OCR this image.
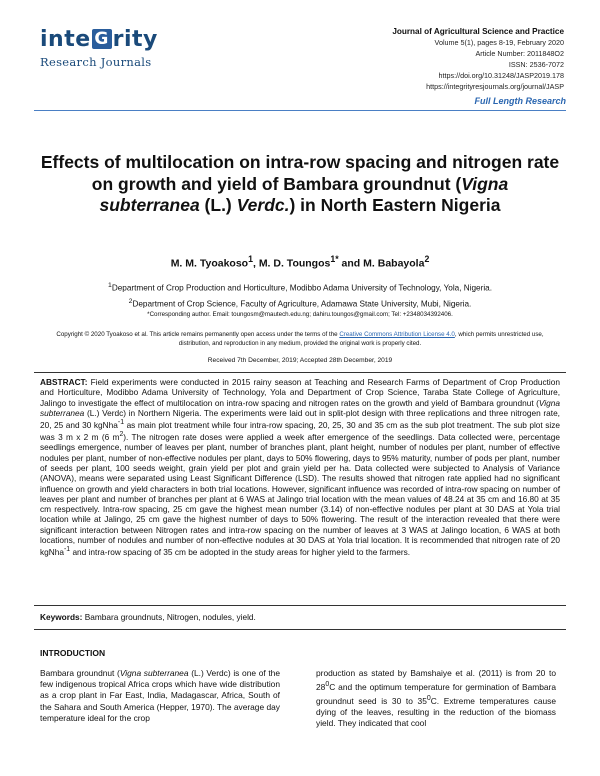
inte G rity
Research Journals
Journal of Agricultural Science and Practice
Volume 5(1), pages 8-19, February 2020
Article Number: 2011848O2
ISSN: 2536-7072
https://doi.org/10.31248/JASP2019.178
https://integrityresjournals.org/journal/JASP
Full Length Research
Effects of multilocation on intra-row spacing and nitrogen rate on growth and yield of Bambara groundnut (Vigna subterranea (L.) Verdc.) in North Eastern Nigeria
M. M. Tyoakoso$^1$, M. D. Toungos$^{1*}$ and M. Babayola$^2$
$^1$Department of Crop Production and Horticulture, Modibbo Adama University of Technology, Yola, Nigeria.
$^2$Department of Crop Science, Faculty of Agriculture, Adamawa State University, Mubi, Nigeria.
*Corresponding author. Email: toungosm@mautech.edu.ng; dahiru.toungos@gmail.com; Tel: +2348034392406.
Copyright © 2020 Tyoakoso et al. This article remains permanently open access under the terms of the Creative Commons Attribution License 4.0, which permits unrestricted use, distribution, and reproduction in any medium, provided the original work is properly cited.
Received 7th December, 2019; Accepted 28th December, 2019
ABSTRACT: Field experiments were conducted in 2015 rainy season at Teaching and Research Farms of Department of Crop Production and Horticulture, Modibbo Adama University of Technology, Yola and Department of Crop Science, Taraba State College of Agriculture, Jalingo to investigate the effect of multilocation on intra-row spacing and nitrogen rates on the growth and yield of Bambara groundnut (Vigna subterranea (L.) Verdc) in Northern Nigeria. The experiments were laid out in split-plot design with three replications and three nitrogen rate, 20, 25 and 30 kgNha$^{-1}$ as main plot treatment while four intra-row spacing, 20, 25, 30 and 35 cm as the sub plot treatment. The sub plot size was 3 m x 2 m (6 $m^2$). The nitrogen rate doses were applied a week after emergence of the seedlings. Data collected were, percentage seedlings emergence, number of leaves per plant, number of branches plant, plant height, number of nodules per plant, number of effective nodules per plant, number of non-effective nodules per plant, days to 50% flowering, days to 95% maturity, number of pods per plant, number of seeds per plant, 100 seeds weight, grain yield per plot and grain yield per ha. Data collected were subjected to Analysis of Variance (ANOVA), means were separated using Least Significant Difference (LSD). The results showed that nitrogen rate applied had no significant influence on growth and yield characters in both trial locations. However, significant influence was recorded of intra-row spacing on number of leaves per plant and number of branches per plant at 6 WAS at Jalingo trial location with the mean values of 48.24 at 35 cm and 16.80 at 35 cm respectively. Intra-row spacing, 25 cm gave the highest mean number (3.14) of non-effective nodules per plant at 30 DAS at Yola trial location while at Jalingo, 25 cm gave the highest number of days to 50% flowering. The result of the interaction revealed that there were significant interaction between Nitrogen rates and intra-row spacing on the number of leaves at 3 WAS at Jalingo location, 6 WAS at both locations, number of nodules and number of non-effective nodules at 30 DAS at Yola trial location. It is recommended that nitrogen rate of 20 kgNha$^{-1}$ and intra-row spacing of 35 cm be adopted in the study areas for higher yield to the farmers.
Keywords: Bambara groundnuts, Nitrogen, nodules, yield.
INTRODUCTION
Bambara groundnut (Vigna subterranea (L.) Verdc) is one of the few indigenous tropical Africa crops which have wide distribution as a crop plant in Far East, India, Madagascar, Africa, South of the Sahara and South America (Hepper, 1970). The average day temperature ideal for the crop
production as stated by Bamshaiye et al. (2011) is from 20 to $28^0C$ and the optimum temperature for germination of Bambara groundnut seed is 30 to $35^0C$. Extreme temperatures cause dying of the leaves, resulting in the reduction of the biomass yield. They indicated that cool
